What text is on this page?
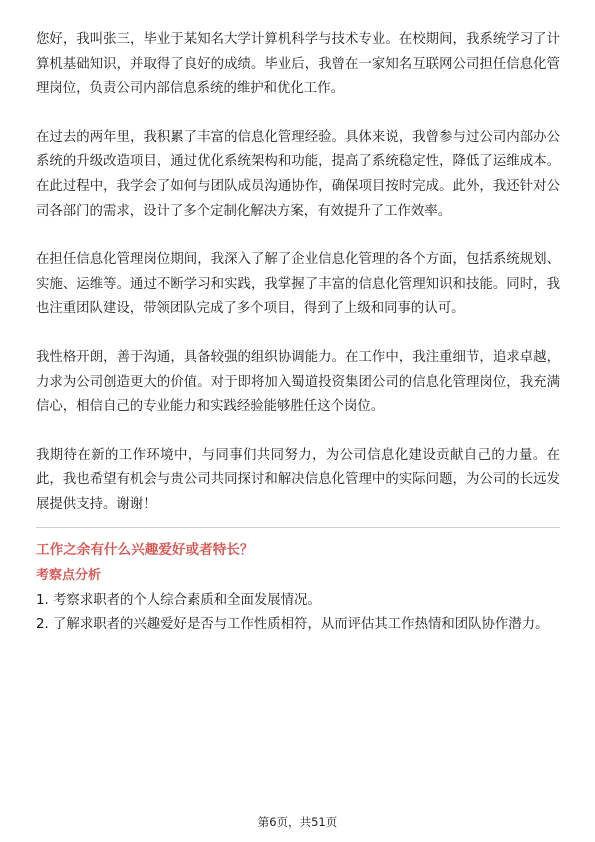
您好，我叫张三，毕业于某知名大学计算机科学与技术专业。在校期间，我系统学习了计算机基础知识，并取得了良好的成绩。毕业后，我曾在一家知名互联网公司担任信息化管理岗位，负责公司内部信息系统的维护和优化工作。

在过去的两年里，我积累了丰富的信息化管理经验。具体来说，我曾参与过公司内部办公系统的升级改造项目，通过优化系统架构和功能，提高了系统稳定性，降低了运维成本。在此过程中，我学会了如何与团队成员沟通协作，确保项目按时完成。此外，我还针对公司各部门的需求，设计了多个定制化解决方案，有效提升了工作效率。

在担任信息化管理岗位期间，我深入了解了企业信息化管理的各个方面，包括系统规划、实施、运维等。通过不断学习和实践，我掌握了丰富的信息化管理知识和技能。同时，我也注重团队建设，带领团队完成了多个项目，得到了上级和同事的认可。

我性格开朗，善于沟通，具备较强的组织协调能力。在工作中，我注重细节，追求卓越，力求为公司创造更大的价值。对于即将加入蜀道投资集团公司的信息化管理岗位，我充满信心，相信自己的专业能力和实践经验能够胜任这个岗位。

我期待在新的工作环境中，与同事们共同努力，为公司信息化建设贡献自己的力量。在此，我也希望有机会与贵公司共同探讨和解决信息化管理中的实际问题，为公司的长远发展提供支持。谢谢！

工作之余有什么兴趣爱好或者特长？

考察点分析

1. 考察求职者的个人综合素质和全面发展情况。

2. 了解求职者的兴趣爱好是否与工作性质相符，从而评估其工作热情和团队协作潜力。

第6页，共51页
